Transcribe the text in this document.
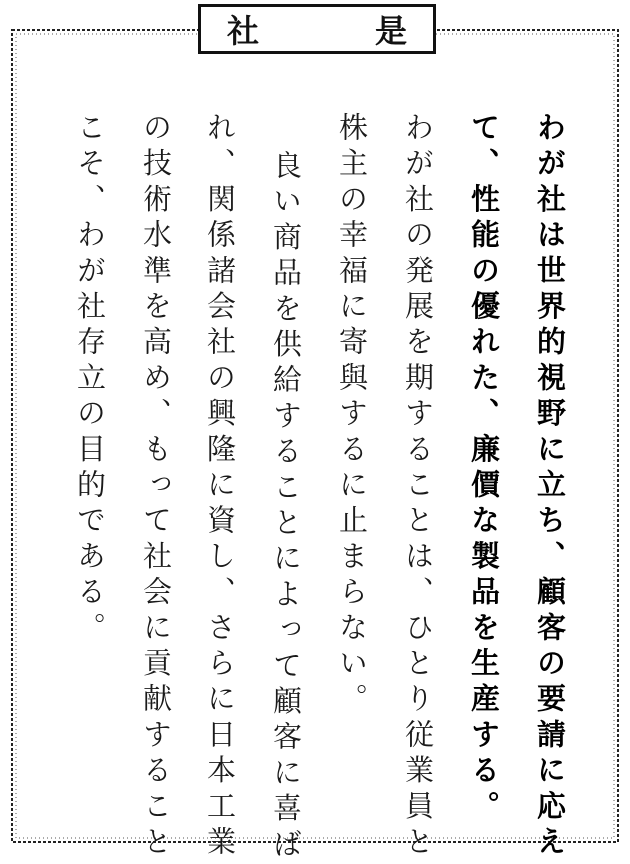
社	是
わが社は世界的視野に立ち、顧客の要請に応え
て、性能の優れた、廉價な製品を生産する。
わが社の発展を期することは、ひとり従業員と
株主の幸福に寄與するに止まらない。
良い商品を供給することによって顧客に喜ば
れ、関係諸会社の興隆に資し、さらに日本工業
の技術水準を高め、もって社会に貢献すること
こそ、わが社存立の目的である。
